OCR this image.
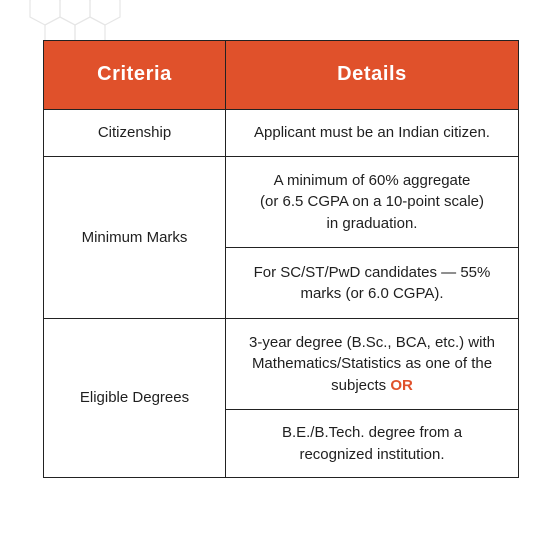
Criteria	Details
Citizenship	Applicant must be an Indian citizen.
Minimum Marks	A minimum of 60% aggregate
(or 6.5 CGPA on a 10-point scale)
in graduation.

	For SC/ST/PwD candidates — 55%
marks (or 6.0 CGPA).

Eligible Degrees	3-year degree (B.Sc., BCA, etc.) with
Mathematics/Statistics as one of the
subjects OR

	B.E./B.Tech. degree from a
recognized institution.
